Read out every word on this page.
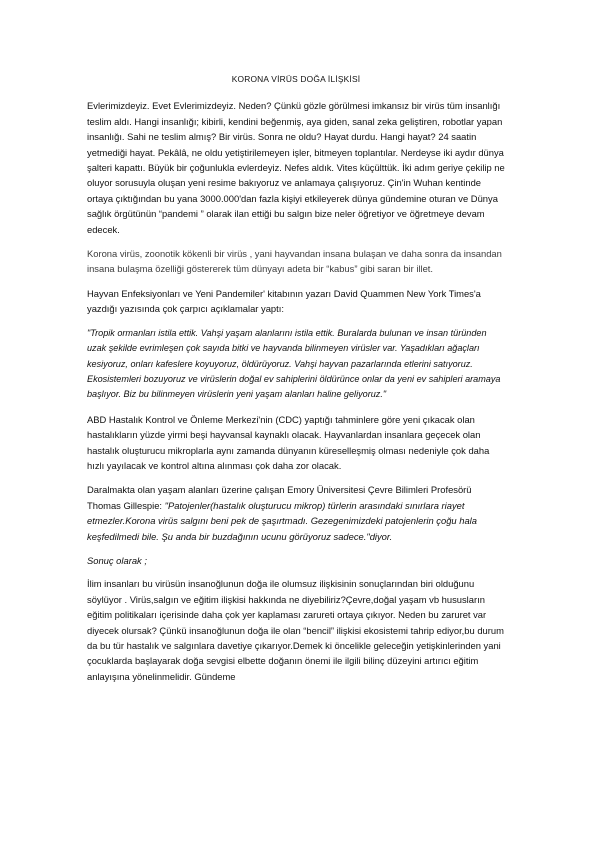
KORONA VİRÜS DOĞA İLİŞKİSİ

Evlerimizdeyiz. Evet Evlerimizdeyiz. Neden? Çünkü gözle görülmesi imkansız bir virüs tüm insanlığı teslim aldı. Hangi insanlığı; kibirli, kendini beğenmiş, aya giden, sanal zeka geliştiren, robotlar yapan insanlığı. Sahi ne teslim almış? Bir virüs. Sonra ne oldu? Hayat durdu. Hangi hayat? 24 saatin yetmediği hayat. Pekâlâ, ne oldu yetiştirilemeyen işler, bitmeyen toplantılar. Nerdeyse iki aydır dünya şalteri kapattı. Büyük bir çoğunlukla evlerdeyiz. Nefes aldık. Vites küçülttük. İki adım geriye çekilip ne oluyor sorusuyla oluşan yeni resime bakıyoruz ve anlamaya çalışıyoruz. Çin'in Wuhan kentinde ortaya çıktığından bu yana 3000.000'dan fazla kişiyi etkileyerek dünya gündemine oturan ve Dünya sağlık örgütünün “pandemi ” olarak ilan ettiği bu salgın bize neler öğretiyor ve öğretmeye devam edecek.

Korona virüs, zoonotik kökenli bir virüs , yani hayvandan insana bulaşan ve daha sonra da insandan insana bulaşma özelliği göstererek tüm dünyayı adeta bir “kabus” gibi saran bir illet.

Hayvan Enfeksiyonları ve Yeni Pandemiler' kitabının yazarı David Quammen New York Times'a yazdığı yazısında çok çarpıcı açıklamalar yaptı:

"Tropik ormanları istila ettik. Vahşi yaşam alanlarını istila ettik. Buralarda bulunan ve insan türünden uzak şekilde evrimleşen çok sayıda bitki ve hayvanda bilinmeyen virüsler var. Yaşadıkları ağaçları kesiyoruz, onları kafeslere koyuyoruz, öldürüyoruz. Vahşi hayvan pazarlarında etlerini satıyoruz. Ekosistemleri bozuyoruz ve virüslerin doğal ev sahiplerini öldürünce onlar da yeni ev sahipleri aramaya başlıyor. Biz bu bilinmeyen virüslerin yeni yaşam alanları haline geliyoruz."

ABD Hastalık Kontrol ve Önleme Merkezi'nin (CDC) yaptığı tahminlere göre yeni çıkacak olan hastalıkların yüzde yirmi beşi hayvansal kaynaklı olacak. Hayvanlardan insanlara geçecek olan hastalık oluşturucu mikroplarla aynı zamanda dünyanın küreselleşmiş olması nedeniyle çok daha hızlı yayılacak ve kontrol altına alınması çok daha zor olacak.

Daralmakta olan yaşam alanları üzerine çalışan Emory Üniversitesi Çevre Bilimleri Profesörü Thomas Gillespie: "Patojenler(hastalık oluşturucu mikrop) türlerin arasındaki sınırlara riayet etmezler.Korona virüs salgını beni pek de şaşırtmadı. Gezegenimizdeki patojenlerin çoğu hala keşfedilmedi bile. Şu anda bir buzdağının ucunu görüyoruz sadece."diyor.

Sonuç olarak ;

İlim insanları bu virüsün insanoğlunun doğa ile olumsuz ilişkisinin sonuçlarından biri olduğunu söylüyor . Virüs,salgın ve eğitim ilişkisi hakkında ne diyebiliriz?Çevre,doğal yaşam vb hususların eğitim politikaları içerisinde daha çok yer kaplaması zarureti ortaya çıkıyor. Neden bu zaruret var diyecek olursak? Çünkü insanoğlunun doğa ile olan “bencil” ilişkisi ekosistemi tahrip ediyor,bu durum da bu tür hastalık ve salgınlara davetiye çıkarıyor.Demek ki öncelikle geleceğin yetişkinlerinden yani çocuklarda başlayarak doğa sevgisi elbette doğanın önemi ile ilgili bilinç düzeyini artırıcı eğitim anlayışına yönelinmelidir. Gündeme
